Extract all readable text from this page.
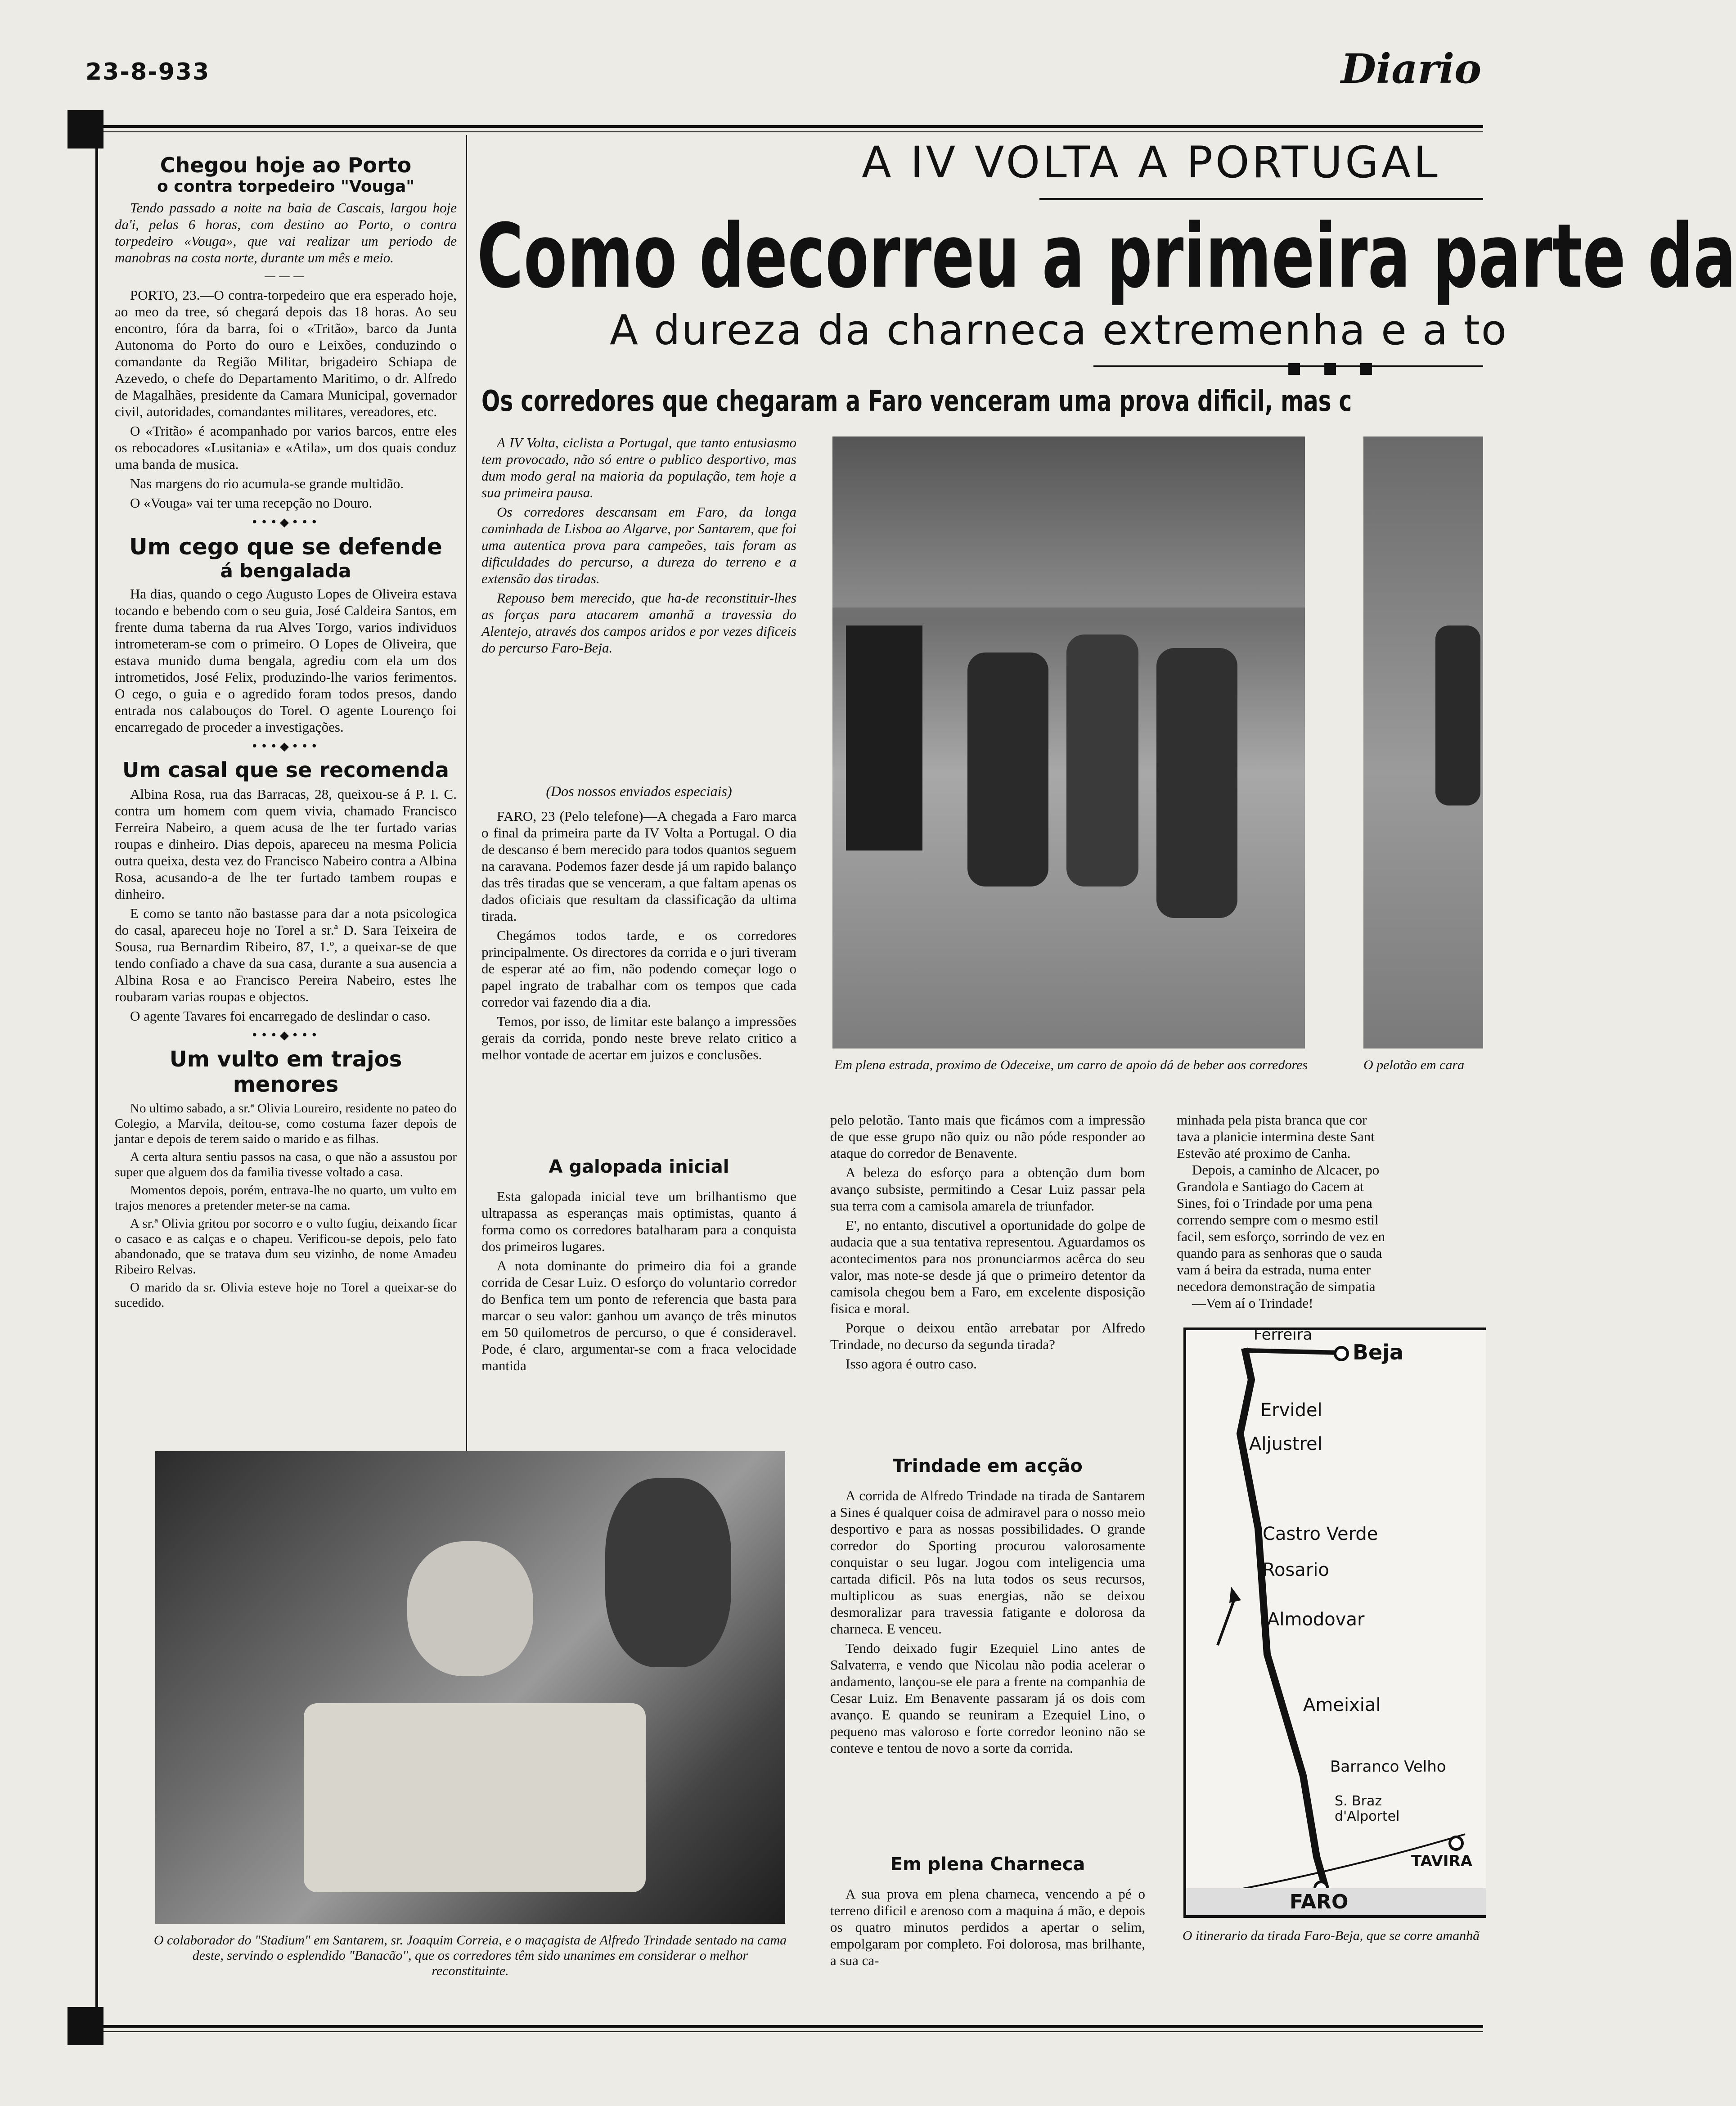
23-8-933	Diario
Chegou hoje ao Porto
o contra torpedeiro "Vouga"

Tendo passado a noite na baia de Cascais, largou hoje da'i, pelas 6 horas, com destino ao Porto, o contra torpedeiro «Vouga», que vai realizar um periodo de manobras na costa norte, durante um mês e meio.

———

PORTO, 23.—O contra-torpedeiro que era esperado hoje, ao meo da tree, só chegará depois das 18 horas. Ao seu encontro, fóra da barra, foi o «Tritão», barco da Junta Autonoma do Porto do ouro e Leixões, conduzindo o comandante da Região Militar, brigadeiro Schiapa de Azevedo, o chefe do Departamento Maritimo, o dr. Alfredo de Magalhães, presidente da Camara Municipal, governador civil, autoridades, comandantes militares, vereadores, etc.

O «Tritão» é acompanhado por varios barcos, entre eles os rebocadores «Lusitania» e «Atila», um dos quais conduz uma banda de musica.

Nas margens do rio acumula-se grande multidão.

O «Vouga» vai ter uma recepção no Douro.

•••◆•••
Um cego que se defende
á bengalada

Ha dias, quando o cego Augusto Lopes de Oliveira estava tocando e bebendo com o seu guia, José Caldeira Santos, em frente duma taberna da rua Alves Torgo, varios individuos intrometeram-se com o primeiro. O Lopes de Oliveira, que estava munido duma bengala, agrediu com ela um dos intrometidos, José Felix, produzindo-lhe varios ferimentos. O cego, o guia e o agredido foram todos presos, dando entrada nos calabouços do Torel. O agente Lourenço foi encarregado de proceder a investigações.

•••◆•••
Um casal que se recomenda

Albina Rosa, rua das Barracas, 28, queixou-se á P. I. C. contra um homem com quem vivia, chamado Francisco Ferreira Nabeiro, a quem acusa de lhe ter furtado varias roupas e dinheiro. Dias depois, apareceu na mesma Policia outra queixa, desta vez do Francisco Nabeiro contra a Albina Rosa, acusando-a de lhe ter furtado tambem roupas e dinheiro.

E como se tanto não bastasse para dar a nota psicologica do casal, apareceu hoje no Torel a sr.ª D. Sara Teixeira de Sousa, rua Bernardim Ribeiro, 87, 1.º, a queixar-se de que tendo confiado a chave da sua casa, durante a sua ausencia a Albina Rosa e ao Francisco Pereira Nabeiro, estes lhe roubaram varias roupas e objectos.

O agente Tavares foi encarregado de deslindar o caso.

•••◆•••
Um vulto em trajos menores

No ultimo sabado, a sr.ª Olivia Loureiro, residente no pateo do Colegio, a Marvila, deitou-se, como costuma fazer depois de jantar e depois de terem saido o marido e as filhas.

A certa altura sentiu passos na casa, o que não a assustou por super que alguem dos da familia tivesse voltado a casa.

Momentos depois, porém, entrava-lhe no quarto, um vulto em trajos menores a pretender meter-se na cama.

A sr.ª Olivia gritou por socorro e o vulto fugiu, deixando ficar o casaco e as calças e o chapeu. Verificou-se depois, pelo fato abandonado, que se tratava dum seu vizinho, de nome Amadeu Ribeiro Relvas.

O marido da sr. Olivia esteve hoje no Torel a queixar-se do sucedido.

O colaborador do "Stadium" em Santarem, sr. Joaquim Correia, e o maçagista de Alfredo Trindade sentado na cama deste, servindo o esplendido "Banacão", que os corredores têm sido unanimes em considerar o melhor reconstituinte.
A IV VOLTA A PORTUGAL
Como decorreu a primeira parte da
A dureza da charneca extremenha e a to
■ ■ ■
Os corredores que chegaram a Faro venceram uma prova dificil, mas c

A IV Volta, ciclista a Portugal, que tanto entusiasmo tem provocado, não só entre o publico desportivo, mas dum modo geral na maioria da população, tem hoje a sua primeira pausa.

Os corredores descansam em Faro, da longa caminhada de Lisboa ao Algarve, por Santarem, que foi uma autentica prova para campeões, tais foram as dificuldades do percurso, a dureza do terreno e a extensão das tiradas.

Repouso bem merecido, que ha-de reconstituir-lhes as forças para atacarem amanhã a travessia do Alentejo, através dos campos aridos e por vezes dificeis do percurso Faro-Beja.

(Dos nossos enviados especiais)

FARO, 23 (Pelo telefone)—A chegada a Faro marca o final da primeira parte da IV Volta a Portugal. O dia de descanso é bem merecido para todos quantos seguem na caravana. Podemos fazer desde já um rapido balanço das três tiradas que se venceram, a que faltam apenas os dados oficiais que resultam da classificação da ultima tirada.

Chegámos todos tarde, e os corredores principalmente. Os directores da corrida e o juri tiveram de esperar até ao fim, não podendo começar logo o papel ingrato de trabalhar com os tempos que cada corredor vai fazendo dia a dia.

Temos, por isso, de limitar este balanço a impressões gerais da corrida, pondo neste breve relato critico a melhor vontade de acertar em juizos e conclusões.

A galopada inicial

Esta galopada inicial teve um brilhantismo que ultrapassa as esperanças mais optimistas, quanto á forma como os corredores batalharam para a conquista dos primeiros lugares.

A nota dominante do primeiro dia foi a grande corrida de Cesar Luiz. O esforço do voluntario corredor do Benfica tem um ponto de referencia que basta para marcar o seu valor: ganhou um avanço de três minutos em 50 quilometros de percurso, o que é consideravel. Pode, é claro, argumentar-se com a fraca velocidade mantida

Em plena estrada, proximo de Odeceixe, um carro de apoio dá de beber aos corredores	O pelotão em cara

pelo pelotão. Tanto mais que ficámos com a impressão de que esse grupo não quiz ou não póde responder ao ataque do corredor de Benavente.

A beleza do esforço para a obtenção dum bom avanço subsiste, permitindo a Cesar Luiz passar pela sua terra com a camisola amarela de triunfador.

E', no entanto, discutivel a oportunidade do golpe de audacia que a sua tentativa representou. Aguardamos os acontecimentos para nos pronunciarmos acêrca do seu valor, mas note-se desde já que o primeiro detentor da camisola chegou bem a Faro, em excelente disposição fisica e moral.

Porque o deixou então arrebatar por Alfredo Trindade, no decurso da segunda tirada?

Isso agora é outro caso.

Trindade em acção

A corrida de Alfredo Trindade na tirada de Santarem a Sines é qualquer coisa de admiravel para o nosso meio desportivo e para as nossas possibilidades. O grande corredor do Sporting procurou valorosamente conquistar o seu lugar. Jogou com inteligencia uma cartada dificil. Pôs na luta todos os seus recursos, multiplicou as suas energias, não se deixou desmoralizar para travessia fatigante e dolorosa da charneca. E venceu.

Tendo deixado fugir Ezequiel Lino antes de Salvaterra, e vendo que Nicolau não podia acelerar o andamento, lançou-se ele para a frente na companhia de Cesar Luiz. Em Benavente passaram já os dois com avanço. E quando se reuniram a Ezequiel Lino, o pequeno mas valoroso e forte corredor leonino não se conteve e tentou de novo a sorte da corrida.

Em plena Charneca

A sua prova em plena charneca, vencendo a pé o terreno dificil e arenoso com a maquina á mão, e depois os quatro minutos perdidos a apertar o selim, empolgaram por completo. Foi dolorosa, mas brilhante, a sua ca-

minhada pela pista branca que cor
tava a planicie intermina deste Sant
Estevão até proximo de Canha.
Depois, a caminho de Alcacer, po
Grandola e Santiago do Cacem at
Sines, foi o Trindade por uma pena
correndo sempre com o mesmo estil
facil, sem esforço, sorrindo de vez en
quando para as senhoras que o sauda
vam á beira da estrada, numa enter
necedora demonstração de simpatia
—Vem aí o Trindade!
Ferreira
Beja
Ervidel
Aljustrel
Castro Verde
Rosario
Almodovar
Ameixial
Barranco Velho
S. Braz d'Alportel
TAVIRA
FARO
O itinerario da tirada Faro-Beja, que se corre amanhã
